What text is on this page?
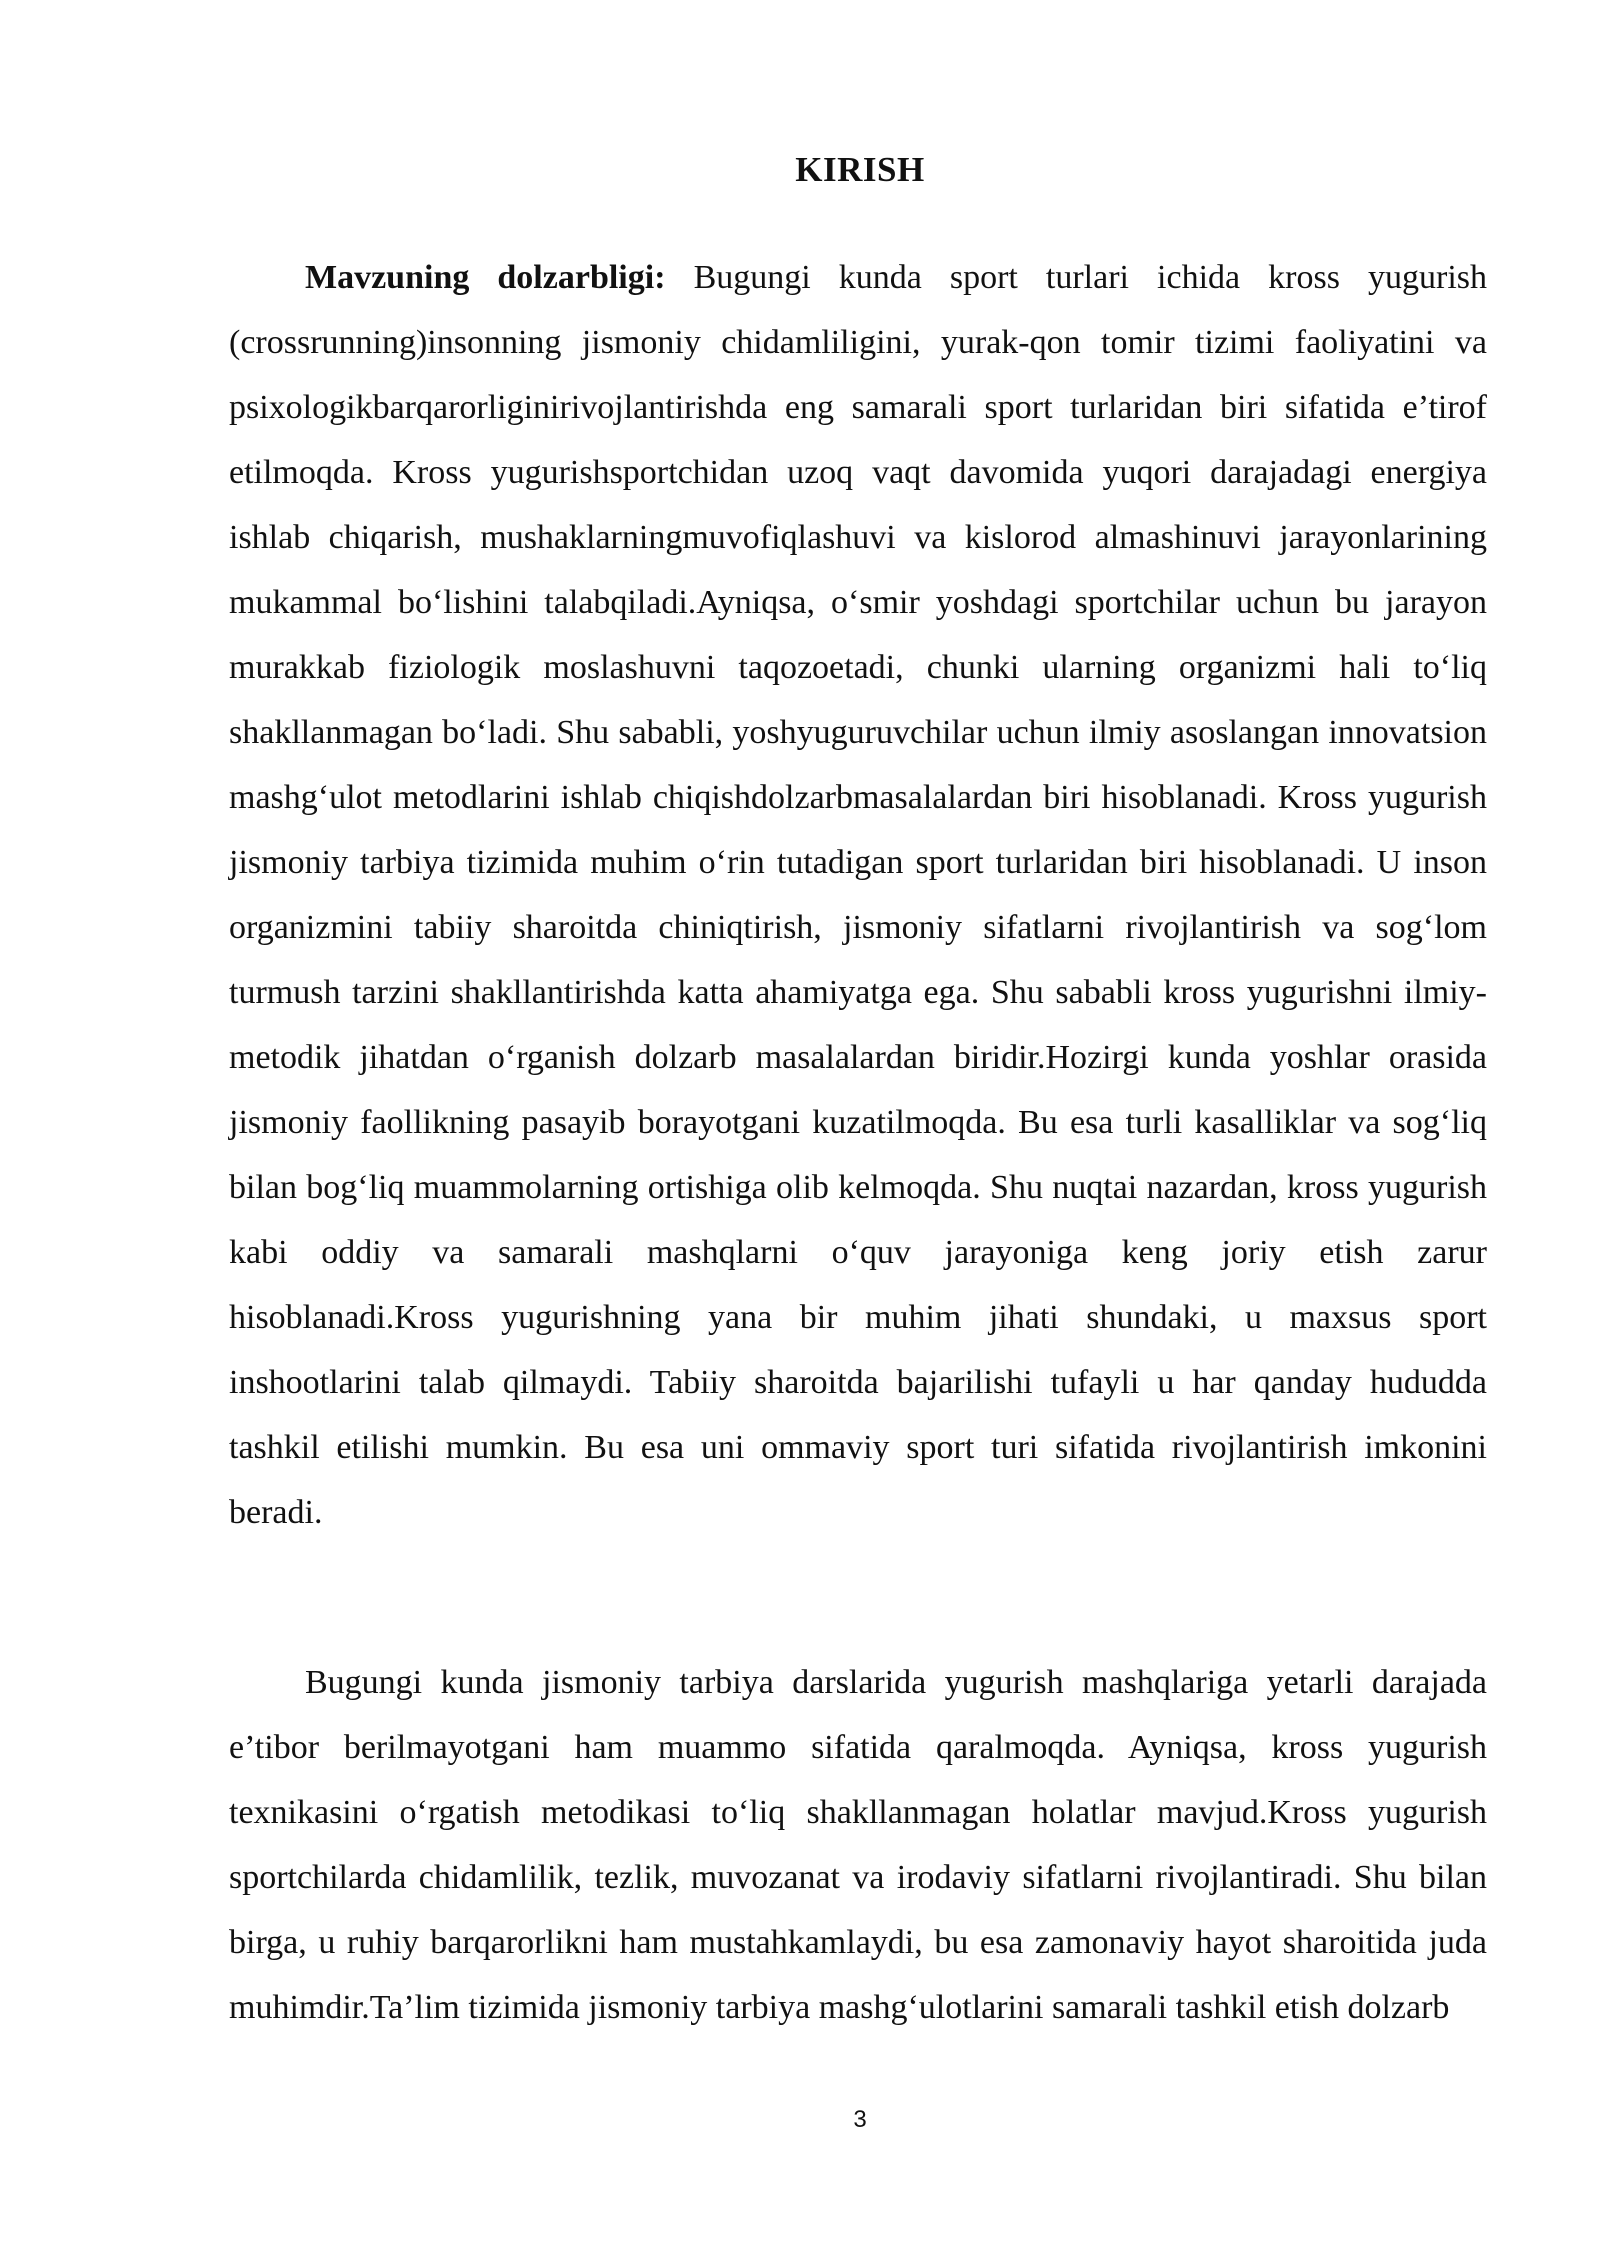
KIRISH

Mavzuning dolzarbligi: Bugungi kunda sport turlari ichida kross yugurish (crossrunning)insonning jismoniy chidamliligini, yurak-qon tomir tizimi faoliyatini va psixologikbarqarorliginirivojlantirishda eng samarali sport turlaridan biri sifatida e’tirof etilmoqda. Kross yugurishsportchidan uzoq vaqt davomida yuqori darajadagi energiya ishlab chiqarish, mushaklarningmuvofiqlashuvi va kislorod almashinuvi jarayonlarining mukammal bo‘lishini talabqiladi.Ayniqsa, o‘smir yoshdagi sportchilar uchun bu jarayon murakkab fiziologik moslashuvni taqozoetadi, chunki ularning organizmi hali to‘liq shakllanmagan bo‘ladi. Shu sababli, yoshyuguruvchilar uchun ilmiy asoslangan innovatsion mashg‘ulot metodlarini ishlab chiqishdolzarbmasalalardan biri hisoblanadi. Kross yugurish jismoniy tarbiya tizimida muhim o‘rin tutadigan sport turlaridan biri hisoblanadi. U inson organizmini tabiiy sharoitda chiniqtirish, jismoniy sifatlarni rivojlantirish va sog‘lom turmush tarzini shakllantirishda katta ahamiyatga ega. Shu sababli kross yugurishni ilmiy-metodik jihatdan o‘rganish dolzarb masalalardan biridir.Hozirgi kunda yoshlar orasida jismoniy faollikning pasayib borayotgani kuzatilmoqda. Bu esa turli kasalliklar va sog‘liq bilan bog‘liq muammolarning ortishiga olib kelmoqda. Shu nuqtai nazardan, kross yugurish kabi oddiy va samarali mashqlarni o‘quv jarayoniga keng joriy etish zarur hisoblanadi.Kross yugurishning yana bir muhim jihati shundaki, u maxsus sport inshootlarini talab qilmaydi. Tabiiy sharoitda bajarilishi tufayli u har qanday hududda tashkil etilishi mumkin. Bu esa uni ommaviy sport turi sifatida rivojlantirish imkonini beradi.

Bugungi kunda jismoniy tarbiya darslarida yugurish mashqlariga yetarli darajada e’tibor berilmayotgani ham muammo sifatida qaralmoqda. Ayniqsa, kross yugurish texnikasini o‘rgatish metodikasi to‘liq shakllanmagan holatlar mavjud.Kross yugurish sportchilarda chidamlilik, tezlik, muvozanat va irodaviy sifatlarni rivojlantiradi. Shu bilan birga, u ruhiy barqarorlikni ham mustahkamlaydi, bu esa zamonaviy hayot sharoitida juda muhimdir.Ta’lim tizimida jismoniy tarbiya mashg‘ulotlarini samarali tashkil etish dolzarb

3
